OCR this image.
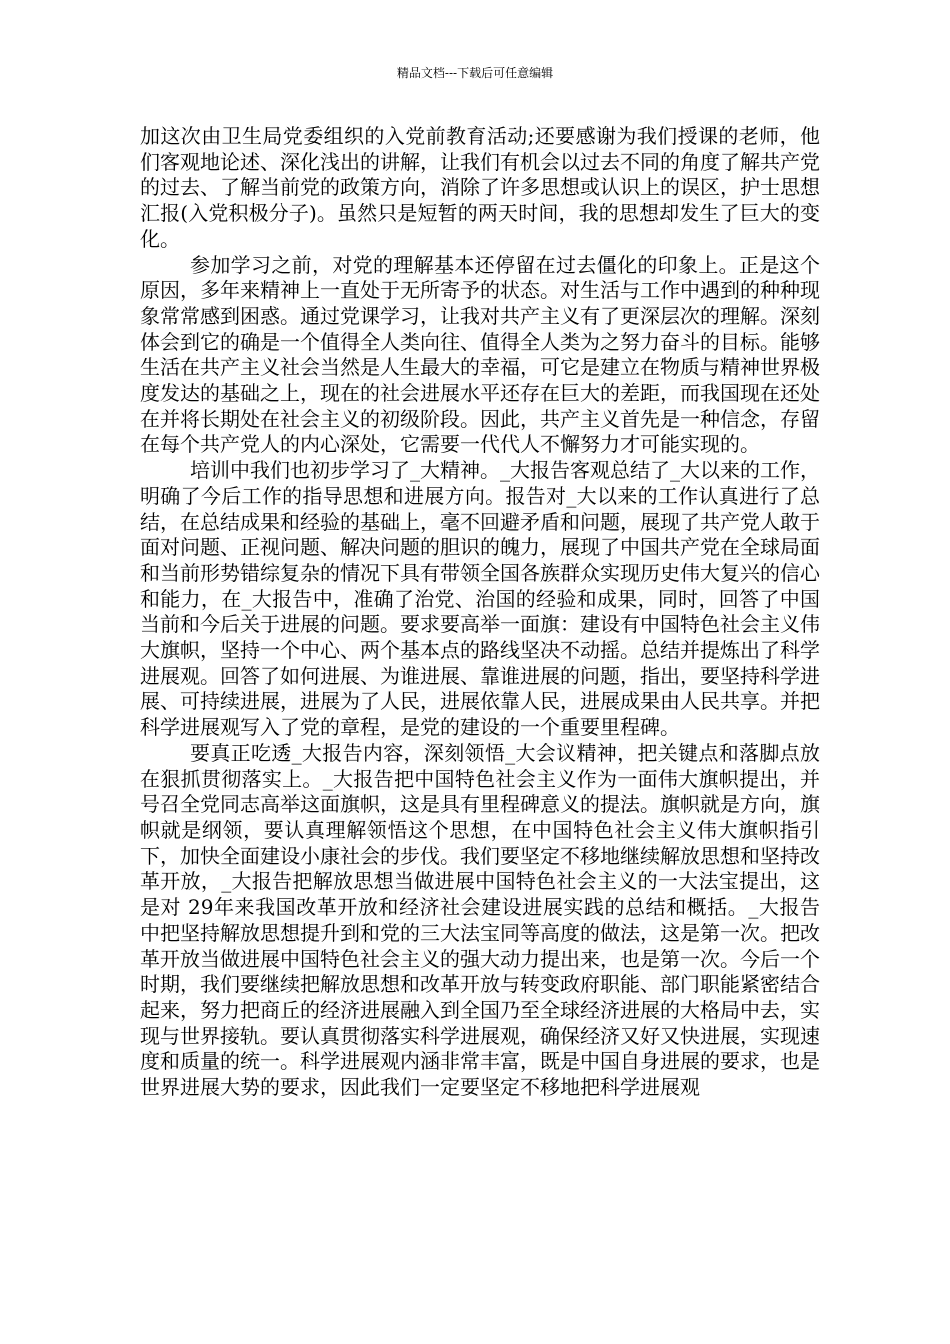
精品文档---下载后可任意编辑

加这次由卫生局党委组织的入党前教育活动;还要感谢为我们授课的老师，他们客观地论述、深化浅出的讲解，让我们有机会以过去不同的角度了解共产党的过去、了解当前党的政策方向，消除了许多思想或认识上的误区，护士思想汇报(入党积极分子)。虽然只是短暂的两天时间，我的思想却发生了巨大的变化。

参加学习之前，对党的理解基本还停留在过去僵化的印象上。正是这个原因，多年来精神上一直处于无所寄予的状态。对生活与工作中遇到的种种现象常常感到困惑。通过党课学习，让我对共产主义有了更深层次的理解。深刻体会到它的确是一个值得全人类向往、值得全人类为之努力奋斗的目标。能够生活在共产主义社会当然是人生最大的幸福，可它是建立在物质与精神世界极度发达的基础之上，现在的社会进展水平还存在巨大的差距，而我国现在还处在并将长期处在社会主义的初级阶段。因此，共产主义首先是一种信念，存留在每个共产党人的内心深处，它需要一代代人不懈努力才可能实现的。

培训中我们也初步学习了_大精神。_大报告客观总结了_大以来的工作，明确了今后工作的指导思想和进展方向。报告对_大以来的工作认真进行了总结，在总结成果和经验的基础上，毫不回避矛盾和问题，展现了共产党人敢于面对问题、正视问题、解决问题的胆识的魄力，展现了中国共产党在全球局面和当前形势错综复杂的情况下具有带领全国各族群众实现历史伟大复兴的信心和能力，在_大报告中，准确了治党、治国的经验和成果，同时，回答了中国当前和今后关于进展的问题。要求要高举一面旗：建设有中国特色社会主义伟大旗帜，坚持一个中心、两个基本点的路线坚决不动摇。总结并提炼出了科学进展观。回答了如何进展、为谁进展、靠谁进展的问题，指出，要坚持科学进展、可持续进展，进展为了人民，进展依靠人民，进展成果由人民共享。并把科学进展观写入了党的章程，是党的建设的一个重要里程碑。

要真正吃透_大报告内容，深刻领悟_大会议精神，把关键点和落脚点放在狠抓贯彻落实上。_大报告把中国特色社会主义作为一面伟大旗帜提出，并号召全党同志高举这面旗帜，这是具有里程碑意义的提法。旗帜就是方向，旗帜就是纲领，要认真理解领悟这个思想，在中国特色社会主义伟大旗帜指引下，加快全面建设小康社会的步伐。我们要坚定不移地继续解放思想和坚持改革开放，_大报告把解放思想当做进展中国特色社会主义的一大法宝提出，这是对 29年来我国改革开放和经济社会建设进展实践的总结和概括。_大报告中把坚持解放思想提升到和党的三大法宝同等高度的做法，这是第一次。把改革开放当做进展中国特色社会主义的强大动力提出来，也是第一次。今后一个时期，我们要继续把解放思想和改革开放与转变政府职能、部门职能紧密结合起来，努力把商丘的经济进展融入到全国乃至全球经济进展的大格局中去，实现与世界接轨。要认真贯彻落实科学进展观，确保经济又好又快进展，实现速度和质量的统一。科学进展观内涵非常丰富，既是中国自身进展的要求，也是世界进展大势的要求，因此我们一定要坚定不移地把科学进展观
